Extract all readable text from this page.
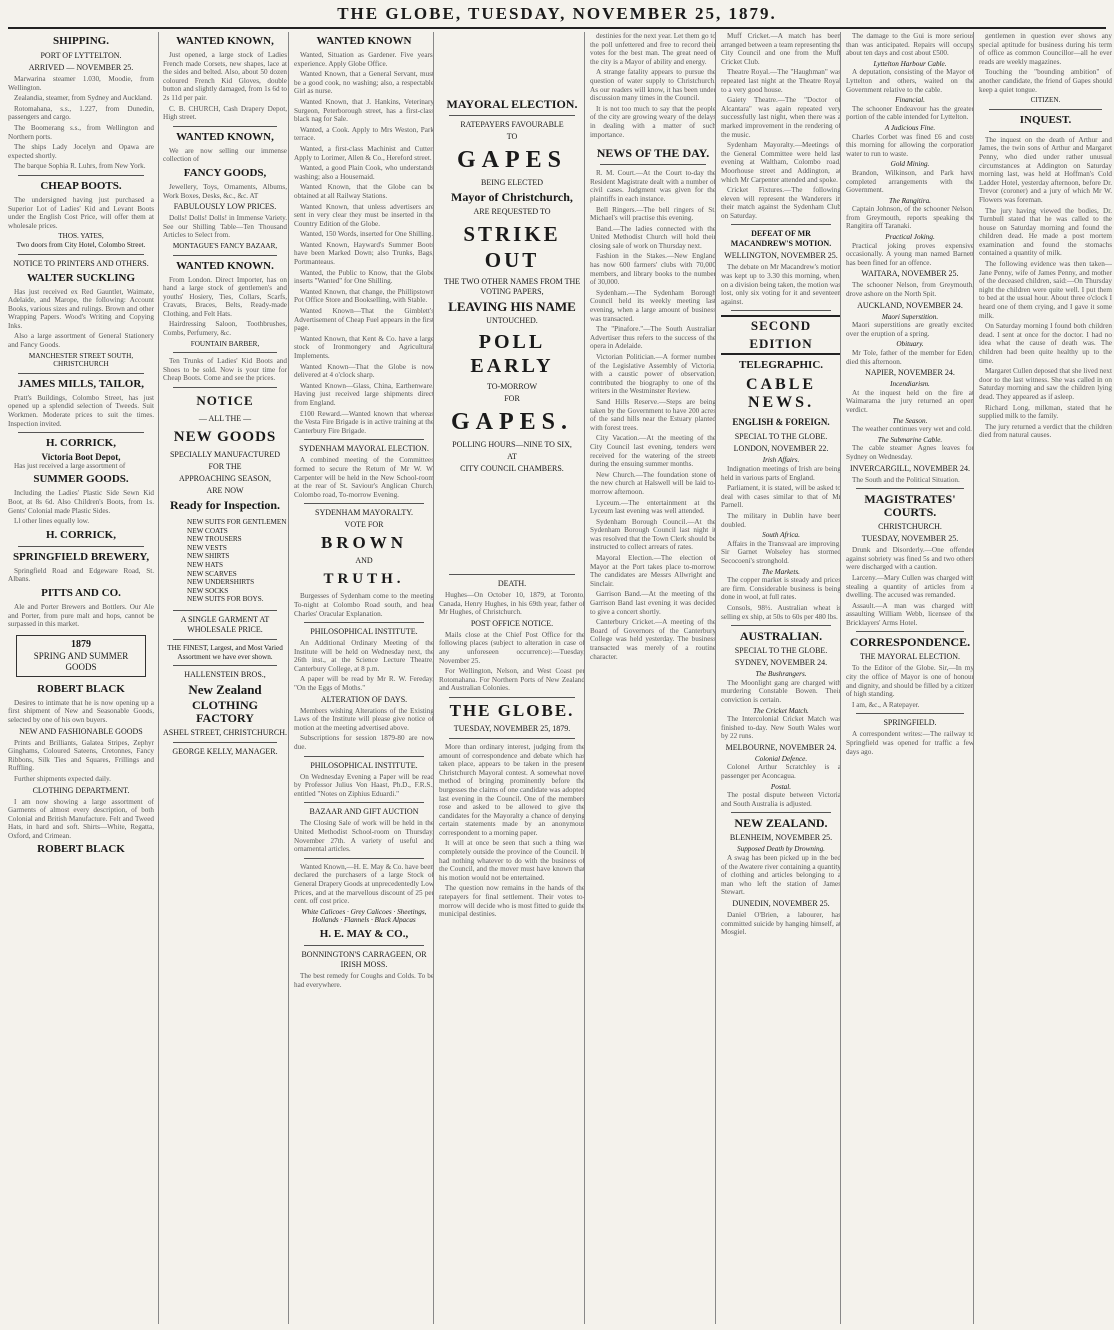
THE GLOBE, TUESDAY, NOVEMBER 25, 1879.
SHIPPING.
PORT OF LYTTELTON.
ARRIVED — NOVEMBER 25.

Marwarina steamer 1.030, Moodie, from Wellington.

Zealandia, steamer, from Sydney and Auckland.

Rotomahana, s.s., 1.227, from Dunedin, passengers and cargo.

The Boomerang s.s., from Wellington and Northern ports.

The ships Lady Jocelyn and Opawa are expected shortly.

The barque Sophia R. Luhrs, from New York.

CHEAP BOOTS.

The undersigned having just purchased a Superior Lot of Ladies' Kid and Levant Boots under the English Cost Price, will offer them at wholesale prices.

THOS. YATES,
Two doors from City Hotel, Colombo Street.
NOTICE TO PRINTERS AND OTHERS.
WALTER SUCKLING

Has just received ex Red Gauntlet, Waimate, Adelaide, and Marope, the following: Account Books, various sizes and rulings. Brown and other Wrapping Papers. Wood's Writing and Copying Inks.

Also a large assortment of General Stationery and Fancy Goods.

MANCHESTER STREET SOUTH, CHRISTCHURCH
JAMES MILLS, TAILOR,

Pratt's Buildings, Colombo Street, has just opened up a splendid selection of Tweeds. Suit Workmen. Moderate prices to suit the times. Inspection invited.

H. CORRICK,
Victoria Boot Depot,

Has just received a large assortment of

SUMMER GOODS.

Including the Ladies' Plastic Side Sewn Kid Boot, at 8s 6d. Also Children's Boots, from 1s. Gents' Colonial made Plastic Sides.

Ll other lines equally low.

H. CORRICK,
SPRINGFIELD BREWERY,

Springfield Road and Edgeware Road, St. Albans.

PITTS AND CO.

Ale and Porter Brewers and Bottlers. Our Ale and Porter, from pure malt and hops, cannot be surpassed in this market.

1879
SPRING AND SUMMER GOODS
ROBERT BLACK

Desires to intimate that he is now opening up a first shipment of New and Seasonable Goods, selected by one of his own buyers.

NEW AND FASHIONABLE GOODS

Prints and Brilliants, Galatea Stripes, Zephyr Ginghams, Coloured Sateens, Cretonnes, Fancy Ribbons, Silk Ties and Squares, Frillings and Ruffling.

Further shipments expected daily.

CLOTHING DEPARTMENT.

I am now showing a large assortment of Garments of almost every description, of both Colonial and British Manufacture. Felt and Tweed Hats, in hard and soft. Shirts—White, Regatta, Oxford, and Crimean.

ROBERT BLACK
WANTED KNOWN,

Just opened, a large stock of Ladies French made Corsets, new shapes, lace at the sides and belted. Also, about 50 dozen coloured French Kid Gloves, double button and slightly damaged, from 1s 6d to 2s 11d per pair.

C. B. CHURCH, Cash Drapery Depot, High street.

WANTED KNOWN,

We are now selling our immense collection of

FANCY GOODS,

Jewellery, Toys, Ornaments, Albums, Work Boxes, Desks, &c., &c. AT

FABULOUSLY LOW PRICES.

Dolls! Dolls! Dolls! in Immense Variety. See our Shilling Table—Ten Thousand Articles to Select from.

MONTAGUE'S FANCY BAZAAR,
WANTED KNOWN.

From London. Direct Importer, has on hand a large stock of gentlemen's and youths' Hosiery, Ties, Collars, Scarfs, Cravats, Braces, Belts, Ready-made Clothing, and Felt Hats.

Hairdressing Saloon, Toothbrushes, Combs, Perfumery, &c.

FOUNTAIN BARBER,

Ten Trunks of Ladies' Kid Boots and Shoes to be sold. Now is your time for Cheap Boots. Come and see the prices.

NOTICE
— ALL THE —
NEW GOODS
SPECIALLY MANUFACTURED
FOR THE
APPROACHING SEASON,
ARE NOW
Ready for Inspection.
NEW SUITS FOR GENTLEMEN
NEW COATS
NEW TROUSERS
NEW VESTS
NEW SHIRTS
NEW HATS
NEW SCARVES
NEW UNDERSHIRTS
NEW SOCKS
NEW SUITS FOR BOYS.
A SINGLE GARMENT AT WHOLESALE PRICE.
THE FINEST, Largest, and Most Varied Assortment we have ever shown.
HALLENSTEIN BROS.,
New Zealand
CLOTHING FACTORY
ASHEL STREET, CHRISTCHURCH.
GEORGE KELLY, MANAGER.
WANTED KNOWN

Wanted, Situation as Gardener. Five years' experience. Apply Globe Office.

Wanted Known, that a General Servant, must be a good cook, no washing; also, a respectable Girl as nurse.

Wanted Known, that J. Hankins, Veterinary Surgeon, Peterborough street, has a first-class black nag for Sale.

Wanted, a Cook. Apply to Mrs Weston, Park terrace.

Wanted, a first-class Machinist and Cutter. Apply to Lorimer, Allen & Co., Hereford street.

Wanted, a good Plain Cook, who understands washing; also a Housemaid.

Wanted Known, that the Globe can be obtained at all Railway Stations.

Wanted Known, that unless advertisers are sent in very clear they must be inserted in the Country Edition of the Globe.

Wanted, 150 Words, inserted for One Shilling.

Wanted Known, Hayward's Summer Boots have been Marked Down; also Trunks, Bags, Portmanteaus.

Wanted, the Public to Know, that the Globe inserts "Wanted" for One Shilling.

Wanted Known, that change, the Phillipstown Pot Office Store and Bookselling, with Stable.

Wanted Known—That the Gimblett's Advertisement of Cheap Fuel appears in the first page.

Wanted Known, that Kent & Co. have a large stock of Ironmongery and Agricultural Implements.

Wanted Known—That the Globe is now delivered at 4 o'clock sharp.

Wanted Known—Glass, China, Earthenware. Having just received large shipments direct from England.

£100 Reward.—Wanted known that whereas the Vesta Fire Brigade is in active training at the Canterbury Fire Brigade.

SYDENHAM MAYORAL ELECTION.

A combined meeting of the Committees formed to secure the Return of Mr W. W. Carpenter will be held in the New School-room at the rear of St. Saviour's Anglican Church, Colombo road, To-morrow Evening.

SYDENHAM MAYORALTY.
VOTE FOR
BROWN
AND
TRUTH.

Burgesses of Sydenham come to the meeting To-night at Colombo Road south, and hear Charles' Oracular Explanation.

PHILOSOPHICAL INSTITUTE.

An Additional Ordinary Meeting of the Institute will be held on Wednesday next, the 26th inst., at the Science Lecture Theatre, Canterbury College, at 8 p.m.

A paper will be read by Mr R. W. Fereday, "On the Eggs of Moths."

ALTERATION OF DAYS.

Members wishing Alterations of the Existing Laws of the Institute will please give notice of motion at the meeting advertised above.

Subscriptions for session 1879-80 are now due.

PHILOSOPHICAL INSTITUTE.

On Wednesday Evening a Paper will be read by Professor Julius Von Haast, Ph.D., F.R.S., entitled "Notes on Ziphius Eduardi."

BAZAAR AND GIFT AUCTION

The Closing Sale of work will be held in the United Methodist School-room on Thursday, November 27th. A variety of useful and ornamental articles.

Wanted Known,—H. E. May & Co. have been declared the purchasers of a large Stock of General Drapery Goods at unprecedentedly Low Prices, and at the marvellous discount of 25 per cent. off cost price.

White Calicoes · Grey Calicoes · Sheetings, Hollands · Flannels · Black Alpacas
H. E. MAY & CO.,
BONNINGTON'S CARRAGEEN, OR IRISH MOSS.

The best remedy for Coughs and Colds. To be had everywhere.

MAYORAL ELECTION.
RATEPAYERS FAVOURABLE
TO
GAPES
BEING ELECTED
Mayor of Christchurch,
ARE REQUESTED TO
STRIKE OUT
THE TWO OTHER NAMES FROM THE VOTING PAPERS,
LEAVING HIS NAME
UNTOUCHED.
POLL EARLY
TO-MORROW
FOR
GAPES.
POLLING HOURS—NINE TO SIX,
AT
CITY COUNCIL CHAMBERS.
DEATH.

Hughes—On October 10, 1879, at Toronto, Canada, Henry Hughes, in his 69th year, father of Mr Hughes, of Christchurch.

POST OFFICE NOTICE.

Mails close at the Chief Post Office for the following places (subject to alteration in case of any unforeseen occurrence):—Tuesday, November 25.

For Wellington, Nelson, and West Coast per Rotomahana. For Northern Ports of New Zealand and Australian Colonies.

THE GLOBE.
TUESDAY, NOVEMBER 25, 1879.

More than ordinary interest, judging from the amount of correspondence and debate which has taken place, appears to be taken in the present Christchurch Mayoral contest. A somewhat novel method of bringing prominently before the burgesses the claims of one candidate was adopted last evening in the Council. One of the members rose and asked to be allowed to give the candidates for the Mayoralty a chance of denying certain statements made by an anonymous correspondent to a morning paper.

It will at once be seen that such a thing was completely outside the province of the Council. It had nothing whatever to do with the business of the Council, and the mover must have known that his motion would not be entertained.

The question now remains in the hands of the ratepayers for final settlement. Their votes to-morrow will decide who is most fitted to guide the municipal destinies.

destinies for the next year. Let them go to the poll unfettered and free to record their votes for the best man. The great need of the city is a Mayor of ability and energy.

A strange fatality appears to pursue the question of water supply to Christchurch. As our readers will know, it has been under discussion many times in the Council.

It is not too much to say that the people of the city are growing weary of the delays in dealing with a matter of such importance.

NEWS OF THE DAY.

R. M. Court.—At the Court to-day the Resident Magistrate dealt with a number of civil cases. Judgment was given for the plaintiffs in each instance.

Bell Ringers.—The bell ringers of St. Michael's will practise this evening.

Band.—The ladies connected with the United Methodist Church will hold their closing sale of work on Thursday next.

Fashion in the Stakes.—New England has now 600 farmers' clubs with 70,000 members, and library books to the number of 30,000.

Sydenham.—The Sydenham Borough Council held its weekly meeting last evening, when a large amount of business was transacted.

The "Pinafore."—The South Australian Advertiser thus refers to the success of the opera in Adelaide.

Victorian Politician.—A former number of the Legislative Assembly of Victoria, with a caustic power of observation, contributed the biography to one of the writers in the Westminster Review.

Sand Hills Reserve.—Steps are being taken by the Government to have 200 acres of the sand hills near the Estuary planted with forest trees.

City Vacation.—At the meeting of the City Council last evening, tenders were received for the watering of the streets during the ensuing summer months.

New Church.—The foundation stone of the new church at Halswell will be laid to-morrow afternoon.

Lyceum.—The entertainment at the Lyceum last evening was well attended.

Sydenham Borough Council.—At the Sydenham Borough Council last night it was resolved that the Town Clerk should be instructed to collect arrears of rates.

Mayoral Election.—The election of Mayor at the Port takes place to-morrow. The candidates are Messrs Allwright and Sinclair.

Garrison Band.—At the meeting of the Garrison Band last evening it was decided to give a concert shortly.

Canterbury Cricket.—A meeting of the Board of Governors of the Canterbury College was held yesterday. The business transacted was merely of a routine character.

Muff Cricket.—A match has been arranged between a team representing the City Council and one from the Muff Cricket Club.

Theatre Royal.—The "Haughman" was repeated last night at the Theatre Royal to a very good house.

Gaiety Theatre.—The "Doctor of Alcantara" was again repeated very successfully last night, when there was a marked improvement in the rendering of the music.

Sydenham Mayoralty.—Meetings of the General Committee were held last evening at Waltham, Colombo road, Moorhouse street and Addington, at which Mr Carpenter attended and spoke.

Cricket Fixtures.—The following eleven will represent the Wanderers in their match against the Sydenham Club on Saturday.

DEFEAT OF MR MACANDREW'S MOTION.
WELLINGTON, NOVEMBER 25.

The debate on Mr Macandrew's motion was kept up to 3.30 this morning, when, on a division being taken, the motion was lost, only six voting for it and seventeen against.

SECOND EDITION
TELEGRAPHIC.
CABLE NEWS.
ENGLISH & FOREIGN.
SPECIAL TO THE GLOBE.
LONDON, NOVEMBER 22.
Irish Affairs.

Indignation meetings of Irish are being held in various parts of England.

Parliament, it is stated, will be asked to deal with cases similar to that of Mr Parnell.

The military in Dublin have been doubled.

South Africa.

Affairs in the Transvaal are improving. Sir Garnet Wolseley has stormed Secocoeni's stronghold.

The Markets.

The copper market is steady and prices are firm. Considerable business is being done in wool, at full rates.

Consols, 98½. Australian wheat is selling ex ship, at 50s to 60s per 480 lbs.

AUSTRALIAN.
SPECIAL TO THE GLOBE.
SYDNEY, NOVEMBER 24.
The Bushrangers.

The Moonlight gang are charged with murdering Constable Bowen. Their conviction is certain.

The Cricket Match.

The Intercolonial Cricket Match was finished to-day. New South Wales won by 22 runs.

MELBOURNE, NOVEMBER 24.
Colonial Defence.

Colonel Arthur Scratchley is a passenger per Aconcagua.

Postal.

The postal dispute between Victoria and South Australia is adjusted.

NEW ZEALAND.
BLENHEIM, NOVEMBER 25.
Supposed Death by Drowning.

A swag has been picked up in the bed of the Awatere river containing a quantity of clothing and articles belonging to a man who left the station of James Stewart.

DUNEDIN, NOVEMBER 25.

Daniel O'Brien, a labourer, has committed suicide by hanging himself, at Mosgiel.

The damage to the Gui is more serious than was anticipated. Repairs will occupy about ten days and cost about £500.

Lyttelton Harbour Cable.

A deputation, consisting of the Mayor of Lyttelton and others, waited on the Government relative to the cable.

Financial.

The schooner Endeavour has the greater portion of the cable intended for Lyttelton.

A Judicious Fine.

Charles Corbet was fined £6 and costs this morning for allowing the corporation water to run to waste.

Gold Mining.

Brandon, Wilkinson, and Park have completed arrangements with the Government.

The Rangitira.

Captain Johnson, of the schooner Nelson, from Greymouth, reports speaking the Rangitira off Taranaki.

Practical Joking.

Practical joking proves expensive occasionally. A young man named Barnett has been fined for an offence.

WAITARA, NOVEMBER 25.

The schooner Nelson, from Greymouth, drove ashore on the North Spit.

AUCKLAND, NOVEMBER 24.
Maori Superstition.

Maori superstitions are greatly excited over the eruption of a spring.

Obituary.

Mr Tole, father of the member for Eden, died this afternoon.

NAPIER, NOVEMBER 24.
Incendiarism.

At the inquest held on the fire at Waimarama the jury returned an open verdict.

The Season.

The weather continues very wet and cold.

The Submarine Cable.

The cable steamer Agnes leaves for Sydney on Wednesday.

INVERCARGILL, NOVEMBER 24.

The South and the Political Situation.

MAGISTRATES' COURTS.
CHRISTCHURCH.
TUESDAY, NOVEMBER 25.

Drunk and Disorderly.—One offender against sobriety was fined 5s and two others were discharged with a caution.

Larceny.—Mary Cullen was charged with stealing a quantity of articles from a dwelling. The accused was remanded.

Assault.—A man was charged with assaulting William Webb, licensee of the Bricklayers' Arms Hotel.

CORRESPONDENCE.
THE MAYORAL ELECTION.

To the Editor of the Globe. Sir,—In my city the office of Mayor is one of honour and dignity, and should be filled by a citizen of high standing.

I am, &c., A Ratepayer.

SPRINGFIELD.

A correspondent writes:—The railway to Springfield was opened for traffic a few days ago.

gentlemen in question ever shows any special aptitude for business during his term of office as common Councillor—all he ever reads are weekly magazines.

Touching the "bounding ambition" of another candidate, the friend of Gapes should keep a quiet tongue.

CITIZEN.
INQUEST.

The inquest on the death of Arthur and James, the twin sons of Arthur and Margaret Penny, who died under rather unusual circumstances at Addington on Saturday morning last, was held at Hoffman's Cold Ladder Hotel, yesterday afternoon, before Dr. Trevor (coroner) and a jury of which Mr W. Flowers was foreman.

The jury having viewed the bodies, Dr. Turnbull stated that he was called to the house on Saturday morning and found the children dead. He made a post mortem examination and found the stomachs contained a quantity of milk.

The following evidence was then taken—Jane Penny, wife of James Penny, and mother of the deceased children, said:—On Thursday night the children were quite well. I put them to bed at the usual hour. About three o'clock I heard one of them crying, and I gave it some milk.

On Saturday morning I found both children dead. I sent at once for the doctor. I had no idea what the cause of death was. The children had been quite healthy up to the time.

Margaret Cullen deposed that she lived next door to the last witness. She was called in on Saturday morning and saw the children lying dead. They appeared as if asleep.

Richard Long, milkman, stated that he supplied milk to the family.

The jury returned a verdict that the children died from natural causes.
